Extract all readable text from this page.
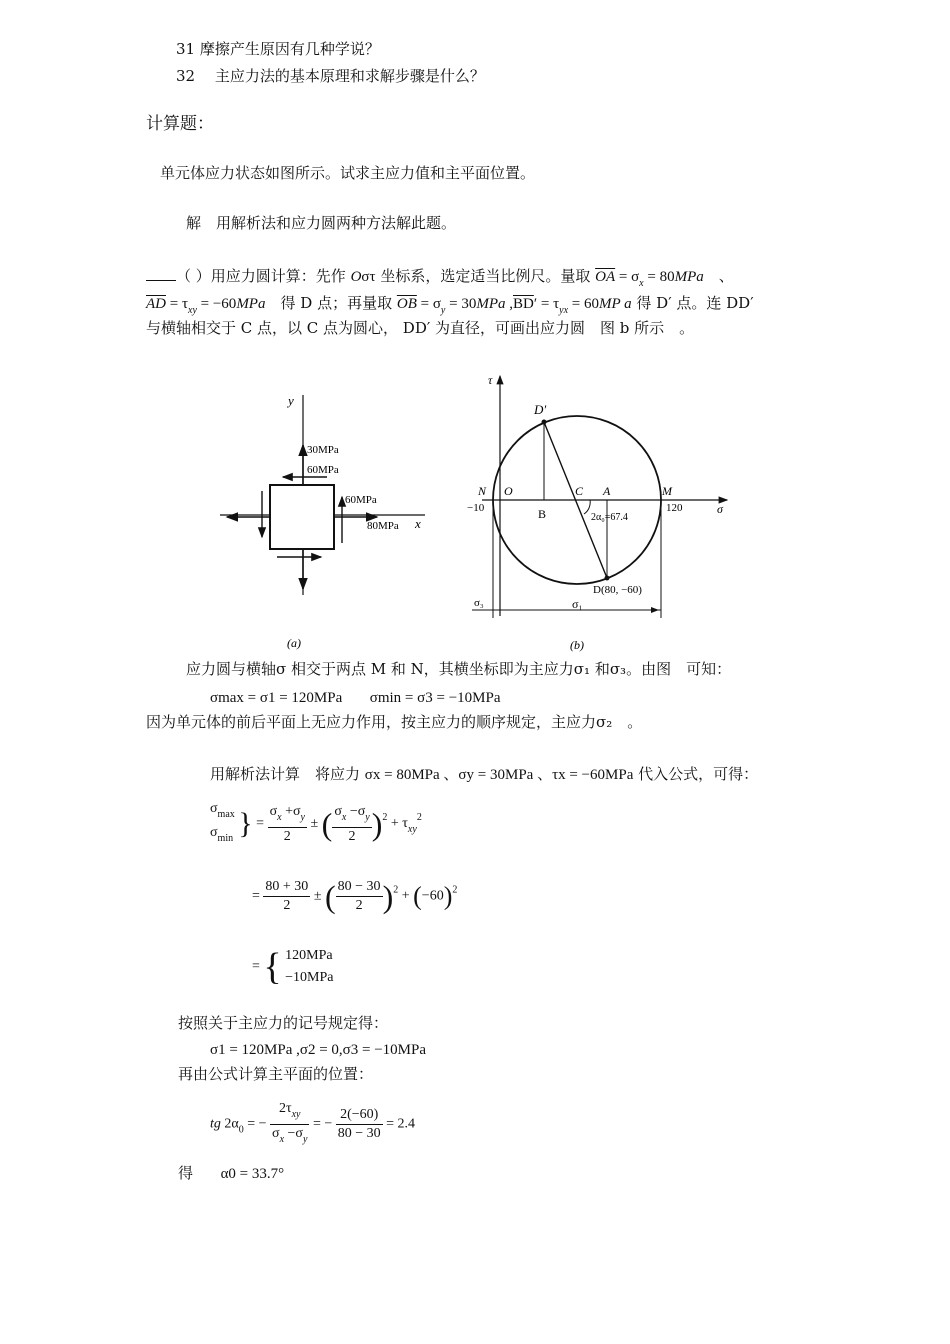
31 摩擦产生原因有几种学说？
32　 主应力法的基本原理和求解步骤是什么？
计算题：
单元体应力状态如图所示。试求主应力值和主平面位置。
解　用解析法和应力圆两种方法解此题。
（ ）用应力圆计算：先作 Oστ 坐标系，选定适当比例尺。量取 $\overline{OA} = \sigma_x = 80MPa$　、
$\overline{AD} = \tau_{xy} = -60MPa$　 得 D 点；再量取 $\overline{OB} = \sigma_y = 30MPa$ $,\overline{BD}' = \tau_{yx} = 60MP$ a 得 D′ 点。连 DD′
与横轴相交于 C 点，以 C 点为圆心， DD′ 为直径，可画出应力圆　图 b 所示　。
y
x
30MPa
60MPa
60MPa
80MPa
(a)
τ
σ
D′
D(80, −60)
N O	C A	M
B
−10	120
2α₀=67.4
σ₁
σ₃
(b)
应力圆与横轴σ 相交于两点 M 和 N，其横坐标即为主应力σ₁ 和σ₃。由图　可知：
σmax = σ1 = 120MPa σmin = σ3 = −10MPa
因为单元体的前后平面上无应力作用，按主应力的顺序规定，主应力σ₂　。
用解析法计算　将应力 σx = 80MPa 、σy = 30MPa 、τx = −60MPa 代入公式，可得：
$\sigma_{max}$
$\sigma_{min}$ } = $\frac{\sigma_x +\sigma_y}{2}$ ± ( $\frac{\sigma_x -\sigma_y}{2} )^2 + \tau_{xy}^2$
= $\frac{80 + 30}{2}$ ± ( $\frac{80 - 30}{2} )^2 + (-60)^2$
= { 120MPa
−10MPa
按照关于主应力的记号规定得：
σ1 = 120MPa ,σ2 = 0,σ3 = −10MPa
再由公式计算主平面的位置：
tg $2\alpha_0$ = − $\frac{2\tau_{xy}}{\sigma_x -\sigma_y}$ = − $\frac{2(-60)}{80 - 30} = 2.4$
得 α0 = 33.7°
